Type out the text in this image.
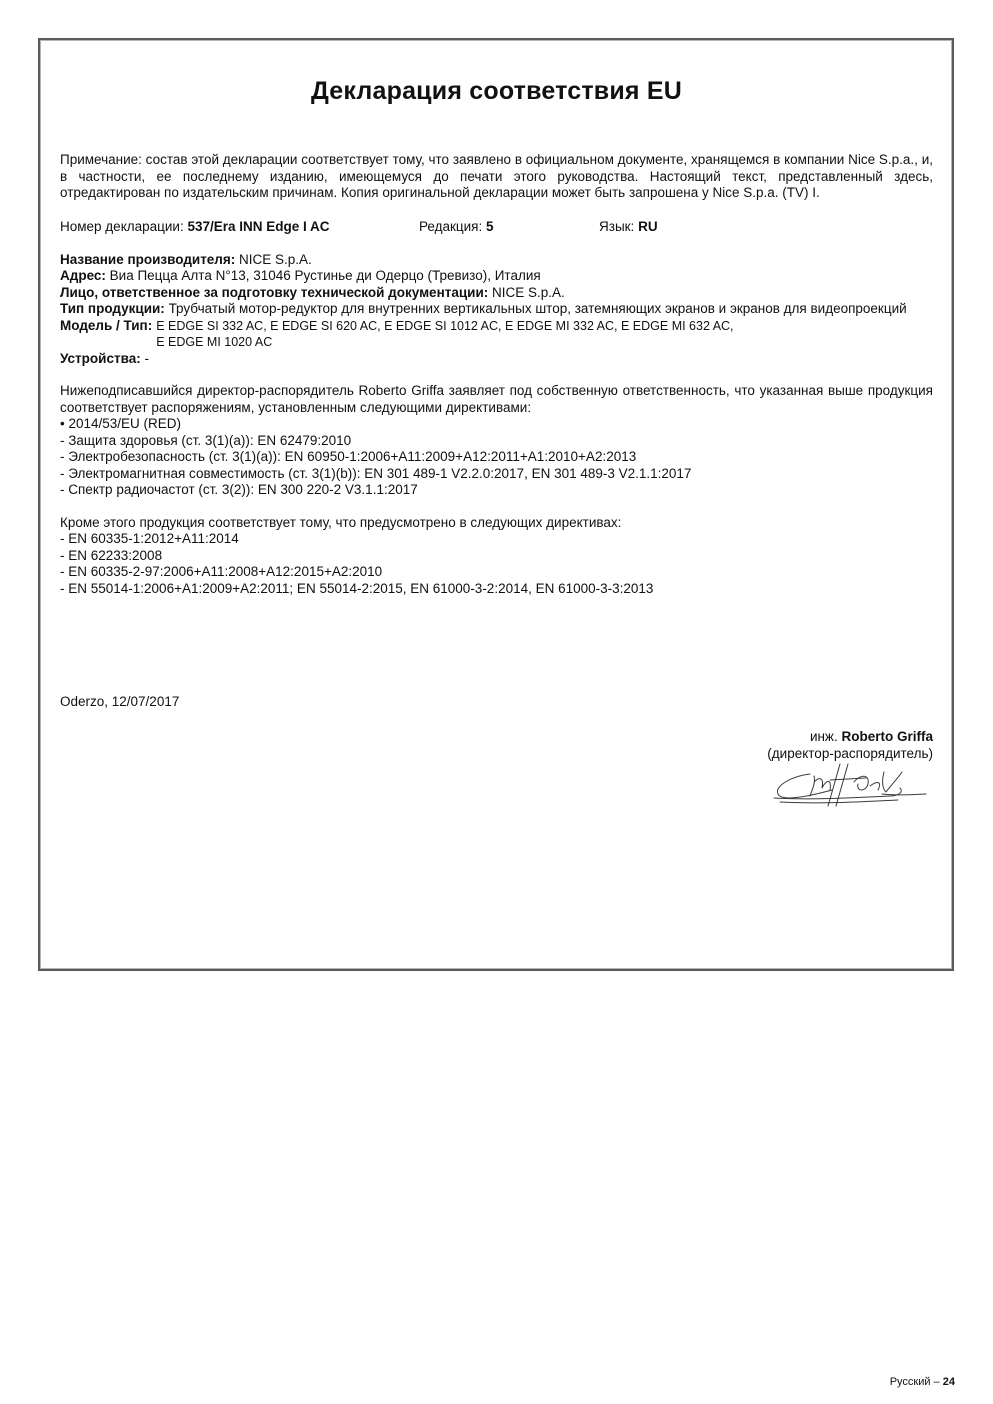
Декларация соответствия EU

Примечание: состав этой декларации соответствует тому, что заявлено в официальном документе, хранящемся в компании Nice S.p.a., и, в частности, ее последнему изданию, имеющемуся до печати этого руководства. Настоящий текст, представленный здесь, отредактирован по издательским причинам. Копия оригинальной декларации может быть запрошена у Nice S.p.a. (TV) I.

Номер декларации: 537/Era INN Edge I AC	Редакция: 5	Язык: RU

Название производителя: NICE S.p.A.

Адрес: Виа Пецца Алта N°13, 31046 Рустинье ди Одерцо (Тревизо), Италия

Лицо, ответственное за подготовку технической документации: NICE S.p.A.

Тип продукции: Трубчатый мотор-редуктор для внутренних вертикальных штор, затемняющих экранов и экранов для видеопроекций

Модель / Тип: E EDGE SI 332 AC, E EDGE SI 620 AC, E EDGE SI 1012 AC, E EDGE MI 332 AC, E EDGE MI 632 AC,
E EDGE MI 1020 AC

Устройства: -

Нижеподписавшийся директор-распорядитель Roberto Griffa заявляет под собственную ответственность, что указанная выше продукция соответствует распоряжениям, установленным следующими директивами:

• 2014/53/EU (RED)
- Защита здоровья (ст. 3(1)(a)): EN 62479:2010
- Электробезопасность (ст. 3(1)(a)): EN 60950-1:2006+A11:2009+A12:2011+A1:2010+A2:2013
- Электромагнитная совместимость (ст. 3(1)(b)): EN 301 489-1 V2.2.0:2017, EN 301 489-3 V2.1.1:2017
- Спектр радиочастот (ст. 3(2)): EN 300 220-2 V3.1.1:2017

Кроме этого продукция соответствует тому, что предусмотрено в следующих директивах:

- EN 60335-1:2012+A11:2014
- EN 62233:2008
- EN 60335-2-97:2006+A11:2008+A12:2015+A2:2010
- EN 55014-1:2006+A1:2009+A2:2011; EN 55014-2:2015, EN 61000-3-2:2014, EN 61000-3-3:2013
Oderzo, 12/07/2017
инж. Roberto Griffa
(директор-распорядитель)
Русский – 24
